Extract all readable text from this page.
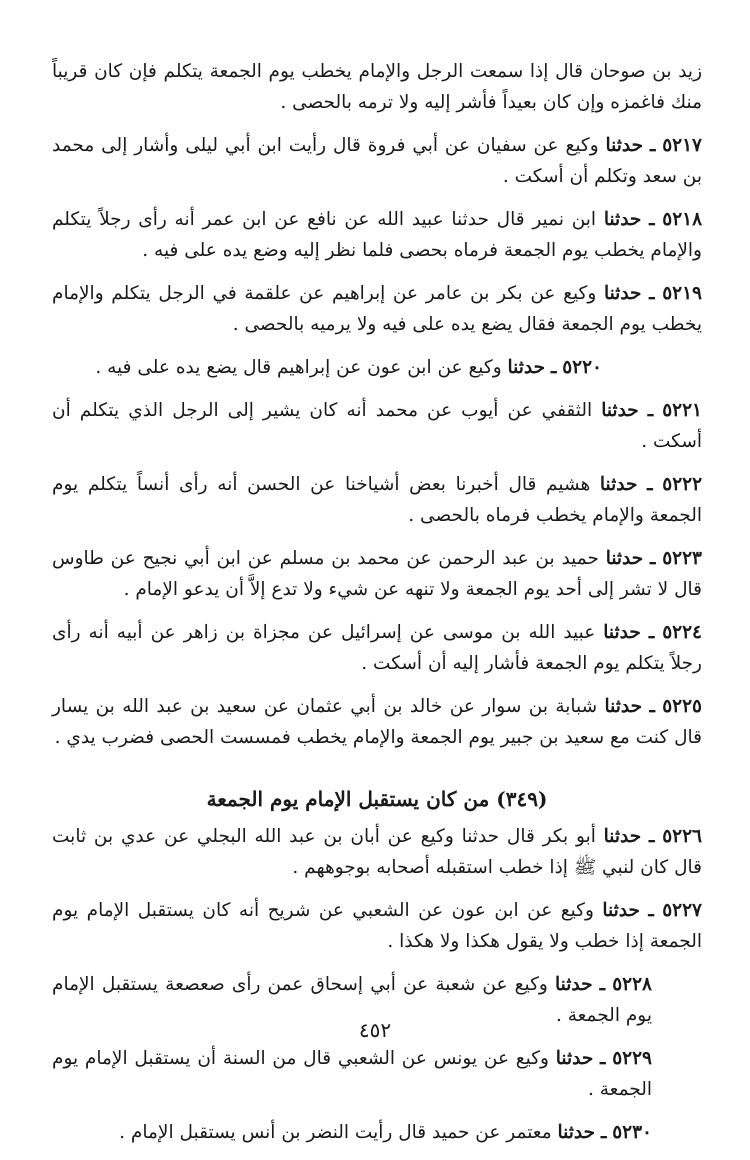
زيد بن صوحان قال إذا سمعت الرجل والإمام يخطب يوم الجمعة يتكلم فإن كان قريباً منك فاغمزه وإن كان بعيداً فأشر إليه ولا ترمه بالحصى .

٥٢١٧ ـ حدثنا وكيع عن سفيان عن أبي فروة قال رأيت ابن أبي ليلى وأشار إلى محمد بن سعد وتكلم أن أسكت .

٥٢١٨ ـ حدثنا ابن نمير قال حدثنا عبيد الله عن نافع عن ابن عمر أنه رأى رجلاً يتكلم والإمام يخطب يوم الجمعة فرماه بحصى فلما نظر إليه وضع يده على فيه .

٥٢١٩ ـ حدثنا وكيع عن بكر بن عامر عن إبراهيم عن علقمة في الرجل يتكلم والإمام يخطب يوم الجمعة فقال يضع يده على فيه ولا يرميه بالحصى .

٥٢٢٠ ـ حدثنا وكيع عن ابن عون عن إبراهيم قال يضع يده على فيه .

٥٢٢١ ـ حدثنا الثقفي عن أيوب عن محمد أنه كان يشير إلى الرجل الذي يتكلم أن أسكت .

٥٢٢٢ ـ حدثنا هشيم قال أخبرنا بعض أشياخنا عن الحسن أنه رأى أنساً يتكلم يوم الجمعة والإمام يخطب فرماه بالحصى .

٥٢٢٣ ـ حدثنا حميد بن عبد الرحمن عن محمد بن مسلم عن ابن أبي نجيح عن طاوس قال لا تشر إلى أحد يوم الجمعة ولا تنهه عن شيء ولا تدع إلاَّ أن يدعو الإمام .

٥٢٢٤ ـ حدثنا عبيد الله بن موسى عن إسرائيل عن مجزاة بن زاهر عن أبيه أنه رأى رجلاً يتكلم يوم الجمعة فأشار إليه أن أسكت .

٥٢٢٥ ـ حدثنا شبابة بن سوار عن خالد بن أبي عثمان عن سعيد بن عبد الله بن يسار قال كنت مع سعيد بن جبير يوم الجمعة والإمام يخطب فمسست الحصى فضرب يدي .

(٣٤٩) من كان يستقبل الإمام يوم الجمعة

٥٢٢٦ ـ حدثنا أبو بكر قال حدثنا وكيع عن أبان بن عبد الله البجلي عن عدي بن ثابت قال كان لنبي ﷺ إذا خطب استقبله أصحابه بوجوههم .

٥٢٢٧ ـ حدثنا وكيع عن ابن عون عن الشعبي عن شريح أنه كان يستقبل الإمام يوم الجمعة إذا خطب ولا يقول هكذا ولا هكذا .

٥٢٢٨ ـ حدثنا وكيع عن شعبة عن أبي إسحاق عمن رأى صعصعة يستقبل الإمام يوم الجمعة .

٥٢٢٩ ـ حدثنا وكيع عن يونس عن الشعبي قال من السنة أن يستقبل الإمام يوم الجمعة .

٥٢٣٠ ـ حدثنا معتمر عن حميد قال رأيت النضر بن أنس يستقبل الإمام .

٤٥٢
